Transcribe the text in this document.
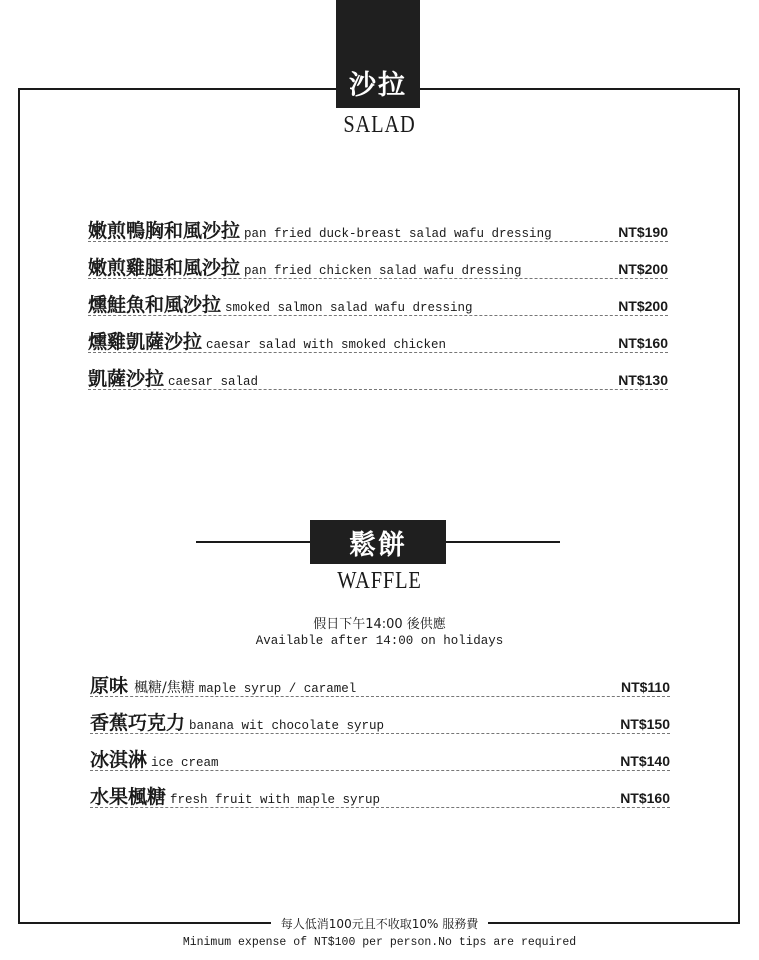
沙拉
SALAD
嫩煎鴨胸和風沙拉 pan fried duck-breast salad wafu dressing	NT$190
嫩煎雞腿和風沙拉 pan fried chicken salad wafu dressing	NT$200
燻鮭魚和風沙拉 smoked salmon salad wafu dressing	NT$200
燻雞凱薩沙拉 caesar salad with smoked chicken	NT$160
凱薩沙拉 caesar salad	NT$130
鬆餅
WAFFLE
假日下午14:00 後供應
Available after 14:00 on holidays
原味 楓糖/焦糖 maple syrup / caramel	NT$110
香蕉巧克力 banana wit chocolate syrup	NT$150
冰淇淋 ice cream	NT$140
水果楓糖 fresh fruit with maple syrup	NT$160
每人低消100元且不收取10% 服務費
Minimum expense of NT$100 per person.No tips are required
